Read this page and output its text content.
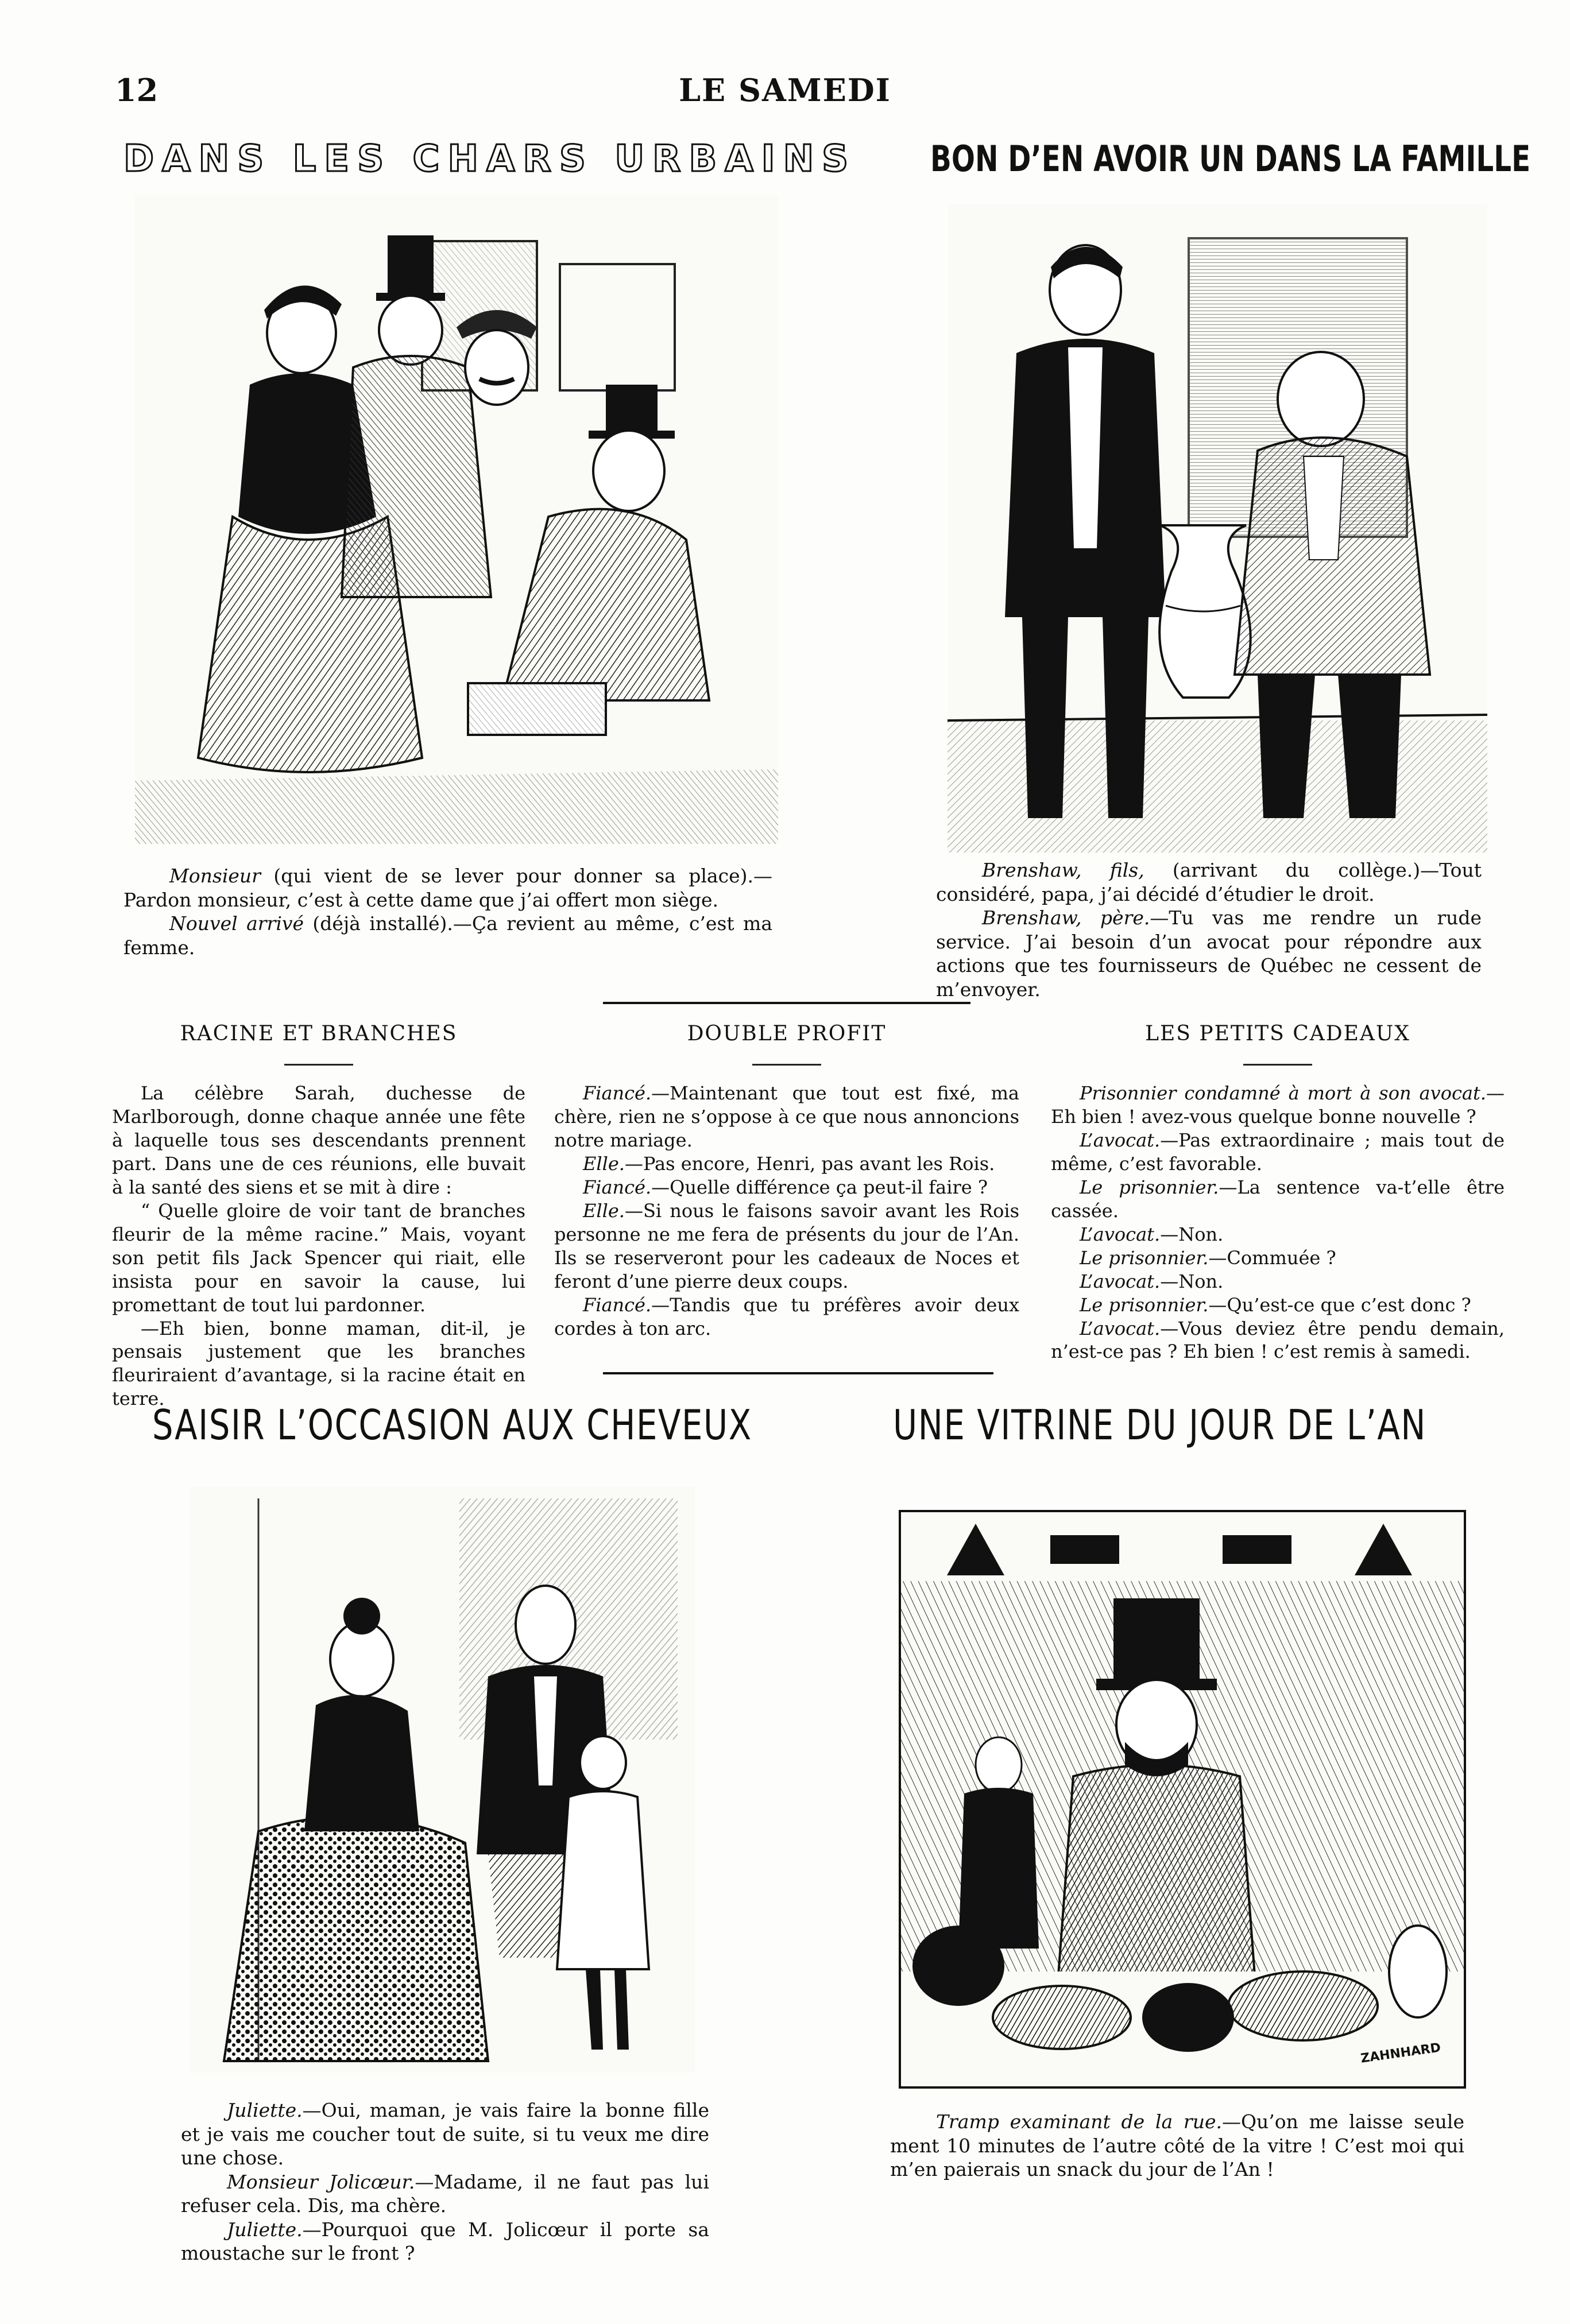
12	LE SAMEDI
DANS LES CHARS URBAINS

Monsieur (qui vient de se lever pour donner sa place).—Pardon monsieur, c’est à cette dame que j’ai offert mon siège.

Nouvel arrivé (déjà installé).—Ça revient au même, c’est ma femme.

BON D’EN AVOIR UN DANS LA FAMILLE

Brenshaw, fils, (arrivant du collège.)—Tout considéré, papa, j’ai décidé d’étudier le droit.

Brenshaw, père.—Tu vas me rendre un rude service. J’ai besoin d’un avocat pour répondre aux actions que tes fournisseurs de Québec ne cessent de m’envoyer.

RACINE ET BRANCHES

La célèbre Sarah, duchesse de Marlborough, donne chaque année une fête à laquelle tous ses descendants prennent part. Dans une de ces réunions, elle buvait à la santé des siens et se mit à dire :

“ Quelle gloire de voir tant de branches fleurir de la même racine.” Mais, voyant son petit fils Jack Spencer qui riait, elle insista pour en savoir la cause, lui promettant de tout lui pardonner.

—Eh bien, bonne maman, dit-il, je pensais justement que les branches fleuriraient d’avantage, si la racine était en terre.

DOUBLE PROFIT

Fiancé.—Maintenant que tout est fixé, ma chère, rien ne s’oppose à ce que nous annoncions notre mariage.

Elle.—Pas encore, Henri, pas avant les Rois.

Fiancé.—Quelle différence ça peut-il faire ?

Elle.—Si nous le faisons savoir avant les Rois personne ne me fera de présents du jour de l’An. Ils se reserveront pour les cadeaux de Noces et feront d’une pierre deux coups.

Fiancé.—Tandis que tu préfères avoir deux cordes à ton arc.

LES PETITS CADEAUX

Prisonnier condamné à mort à son avocat.—Eh bien ! avez-vous quelque bonne nouvelle ?

L’avocat.—Pas extraordinaire ; mais tout de même, c’est favorable.

Le prisonnier.—La sentence va-t’elle être cassée.

L’avocat.—Non.

Le prisonnier.—Commuée ?

L’avocat.—Non.

Le prisonnier.—Qu’est-ce que c’est donc ?

L’avocat.—Vous deviez être pendu demain, n’est-ce pas ? Eh bien ! c’est remis à samedi.

SAISIR L’OCCASION AUX CHEVEUX

Juliette.—Oui, maman, je vais faire la bonne fille et je vais me coucher tout de suite, si tu veux me dire une chose.

Monsieur Jolicœur.—Madame, il ne faut pas lui refuser cela. Dis, ma chère.

Juliette.—Pourquoi que M. Jolicœur il porte sa moustache sur le front ?

UNE VITRINE DU JOUR DE L’AN
ZAHNHARD

Tramp examinant de la rue.—Qu’on me laisse seule ment 10 minutes de l’autre côté de la vitre ! C’est moi qui m’en paierais un snack du jour de l’An !
